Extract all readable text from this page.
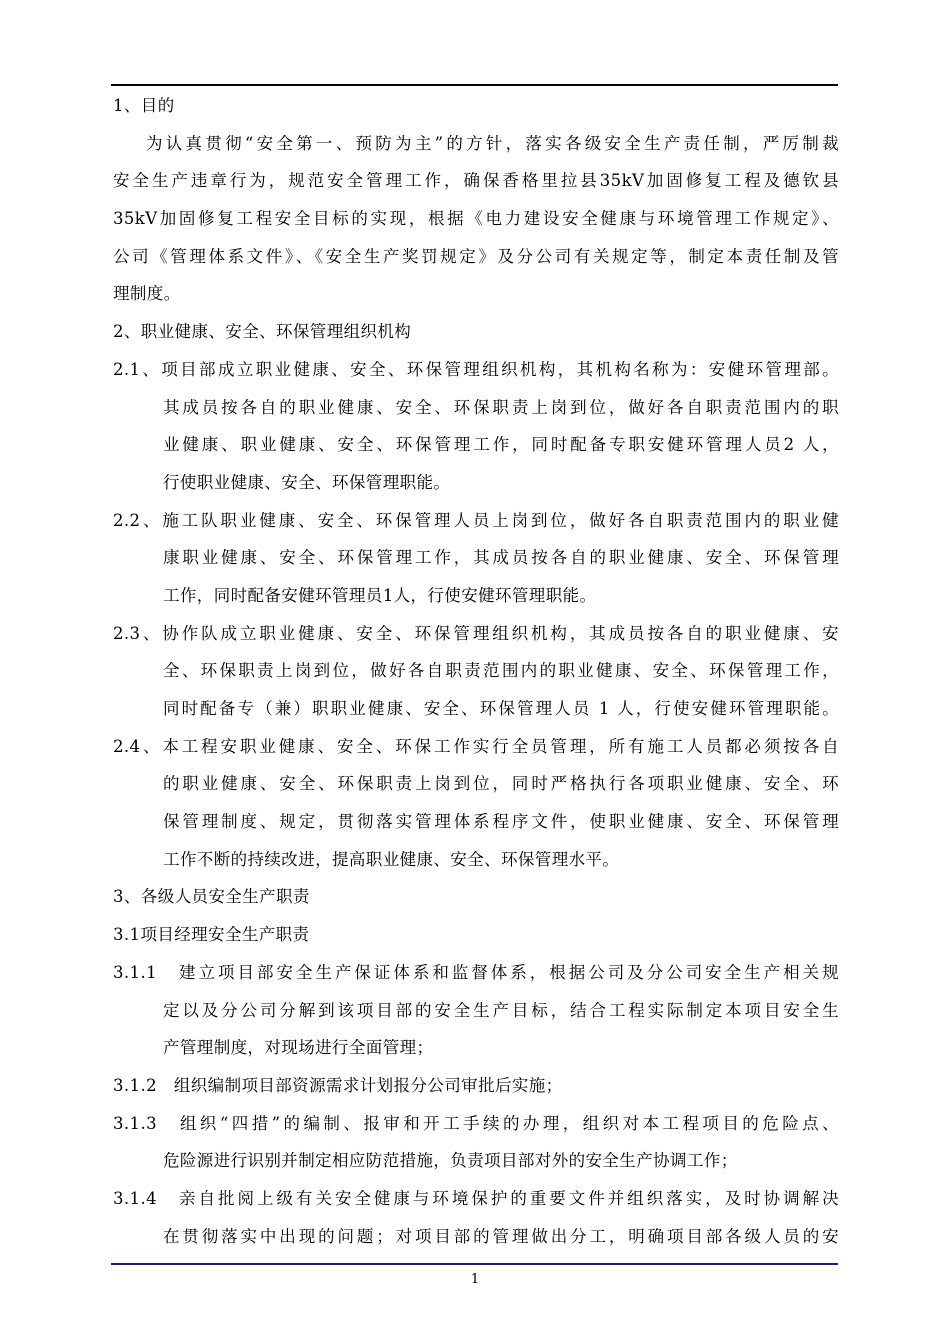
1、目的
为认真贯彻“安全第一、预防为主”的方针，落实各级安全生产责任制，严厉制裁
安全生产违章行为，规范安全管理工作，确保香格里拉县35kV加固修复工程及德钦县
35kV加固修复工程安全目标的实现，根据《电力建设安全健康与环境管理工作规定》、
公司《管理体系文件》、《安全生产奖罚规定》及分公司有关规定等，制定本责任制及管
理制度。
2、职业健康、安全、环保管理组织机构
2.1、项目部成立职业健康、安全、环保管理组织机构，其机构名称为：安健环管理部。
其成员按各自的职业健康、安全、环保职责上岗到位，做好各自职责范围内的职
业健康、职业健康、安全、环保管理工作，同时配备专职安健环管理人员2 人，
行使职业健康、安全、环保管理职能。
2.2、施工队职业健康、安全、环保管理人员上岗到位，做好各自职责范围内的职业健
康职业健康、安全、环保管理工作，其成员按各自的职业健康、安全、环保管理
工作，同时配备安健环管理员1人，行使安健环管理职能。
2.3、协作队成立职业健康、安全、环保管理组织机构，其成员按各自的职业健康、安
全、环保职责上岗到位，做好各自职责范围内的职业健康、安全、环保管理工作，
同时配备专（兼）职职业健康、安全、环保管理人员 1 人，行使安健环管理职能。
2.4、本工程安职业健康、安全、环保工作实行全员管理，所有施工人员都必须按各自
的职业健康、安全、环保职责上岗到位，同时严格执行各项职业健康、安全、环
保管理制度、规定，贯彻落实管理体系程序文件，使职业健康、安全、环保管理
工作不断的持续改进，提高职业健康、安全、环保管理水平。
3、各级人员安全生产职责
3.1项目经理安全生产职责
3.1.1　建立项目部安全生产保证体系和监督体系，根据公司及分公司安全生产相关规
定以及分公司分解到该项目部的安全生产目标，结合工程实际制定本项目安全生
产管理制度，对现场进行全面管理；
3.1.2　组织编制项目部资源需求计划报分公司审批后实施；
3.1.3　组织“四措”的编制、报审和开工手续的办理，组织对本工程项目的危险点、
危险源进行识别并制定相应防范措施，负责项目部对外的安全生产协调工作；
3.1.4　亲自批阅上级有关安全健康与环境保护的重要文件并组织落实，及时协调解决
在贯彻落实中出现的问题；对项目部的管理做出分工，明确项目部各级人员的安
1
